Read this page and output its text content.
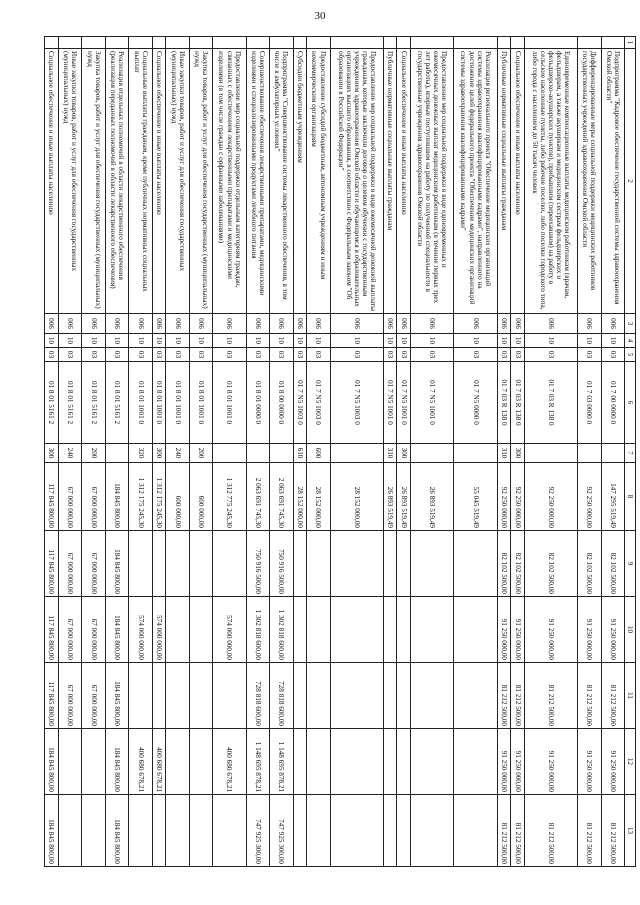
30
1	2	3	4	5	6	7	8	9	10	11	12	13
	Подпрограмма "Кадровое обеспечение государственной системы здравоохранения Омской области"	006	10	03	01 7 00 0000 0		147 295 519,49	82 102 500,00	91 250 000,00	81 212 500,00	91 250 000,00	81 212 500,00
	Дифференцированные меры социальной поддержки медицинских работников государственных учреждений здравоохранения Омской области	006	10	03	01 7 03 0000 0		92 250 000,00	82 102 500,00	91 250 000,00	81 212 500,00	91 250 000,00	81 212 500,00
	Единовременные компенсационные выплаты медицинским работникам (врачам, фельдшерам, а также акушеркам и медицинским сестрам фельдшерских и фельдшерско-акушерских пунктов), прибывшим (переехавшим) на работу в сельские населенные пункты, либо рабочие поселки, либо поселки городского типа, либо города с населением до 50 тысяч человек	006	10	03	01 7 03 R 138 0		92 250 000,00	82 102 500,00	91 250 000,00	81 212 500,00	91 250 000,00	81 212 500,00
	Социальное обеспечение и иные выплаты населению	006	10	03	01 7 03 R 138 0	300	92 250 000,00	82 102 500,00	91 250 000,00	81 212 500,00	91 250 000,00	81 212 500,00
	Публичные нормативные социальные выплаты гражданам	006	10	03	01 7 03 R 138 0	310	92 250 000,00	82 102 500,00	91 250 000,00	81 212 500,00	91 250 000,00	81 212 500,00
	Реализация регионального проекта "Обеспечение медицинских организаций системы здравоохранения квалифицированными кадрами", направленного на достижение целей федерального проекта "Обеспечение медицинских организаций системы здравоохранения квалифицированными кадрами"	006	10	03	01 7 N5 0000 0		55 045 519,49					
	Предоставление мер социальной поддержки в виде единовременных и ежемесячных денежных выплат медицинским работникам (в течение первых трех лет работы), впервые поступившим на работу по полученной специальности в государственные учреждения здравоохранения Омской области	006	10	03	01 7 N5 1001 0		26 893 519,49					
	Социальное обеспечение и иные выплаты населению	006	10	03	01 7 N5 1001 0	300	26 893 519,49					
	Публичные нормативные социальные выплаты гражданам	006	10	03	01 7 N5 1001 0	310	26 893 519,49					
	Предоставление мер социальной поддержки в виде ежемесячной денежной выплаты гражданам, которые заключили договор о целевом обучении с государственным учреждением здравоохранения Омской области и обучающимся в образовательных организациях высшего образования, в соответствии с Федеральным законом "Об образовании в Российской Федерации"	006	10	03	01 7 N5 1003 0		28 152 000,00					
	Предоставление субсидий бюджетным, автономным учреждениям и иным некоммерческим организациям	006	10	03	01 7 N5 1003 0	600	28 152 000,00					
	Субсидии бюджетным учреждениям	006	10	03	01 7 N5 1003 0	610	28 152 000,00					
	Подпрограмма "Совершенствование системы лекарственного обеспечения, в том числе в амбулаторных условиях"	006	10	03	01 8 00 0000 0		2 063 691 745,30	750 916 500,00	1 302 818 600,00	728 818 600,00	1 148 695 878,21	747 925 300,00
	Совершенствование обеспечения лекарственными препаратами, медицинскими изделиями и специализированными продуктами лечебного питания	006	10	03	01 8 01 0000 0		2 063 691 745,30	750 916 500,00	1 302 818 600,00	728 818 600,00	1 148 695 878,21	747 925 300,00
	Предоставление мер социальной поддержки отдельным категориям граждан, связанных с обеспечением лекарственными препаратами и медицинскими изделиями (в том числе граждан с орфанными заболеваниями)	006	10	03	01 8 01 1001 0		1 312 775 245,30		574 000 000,00		400 680 678,21	
	Закупка товаров, работ и услуг для обеспечения государственных (муниципальных) нужд	006	10	03	01 8 01 1001 0	200	600 000,00					
	Иные закупки товаров, работ и услуг для обеспечения государственных (муниципальных) нужд	006	10	03	01 8 01 1001 0	240	600 000,00					
	Социальное обеспечение и иные выплаты населению	006	10	03	01 8 01 1001 0	300	1 312 175 245,30		574 000 000,00		400 680 678,21	
	Социальные выплаты гражданам, кроме публичных нормативных социальных выплат	006	10	03	01 8 01 1001 0	320	1 312 175 245,30		574 000 000,00		400 680 678,21	
	Реализация отдельных полномочий в области лекарственного обеспечения (реализация переданных полномочий в области лекарственного обеспечения)	006	10	03	01 8 01 5161 2		184 845 800,00	184 845 800,00	184 845 800,00	184 845 800,00	184 845 800,00	184 845 800,00
	Закупка товаров, работ и услуг для обеспечения государственных (муниципальных) нужд	006	10	03	01 8 01 5161 2	200	67 000 000,00	67 000 000,00	67 000 000,00	67 000 000,00		
	Иные закупки товаров, работ и услуг для обеспечения государственных (муниципальных) нужд	006	10	03	01 8 01 5161 2	240	67 000 000,00	67 000 000,00	67 000 000,00	67 000 000,00		
	Социальное обеспечение и иные выплаты населению	006	10	03	01 8 01 5161 2	300	117 845 800,00	117 845 800,00	117 845 800,00	117 845 800,00	184 845 800,00	184 845 800,00
